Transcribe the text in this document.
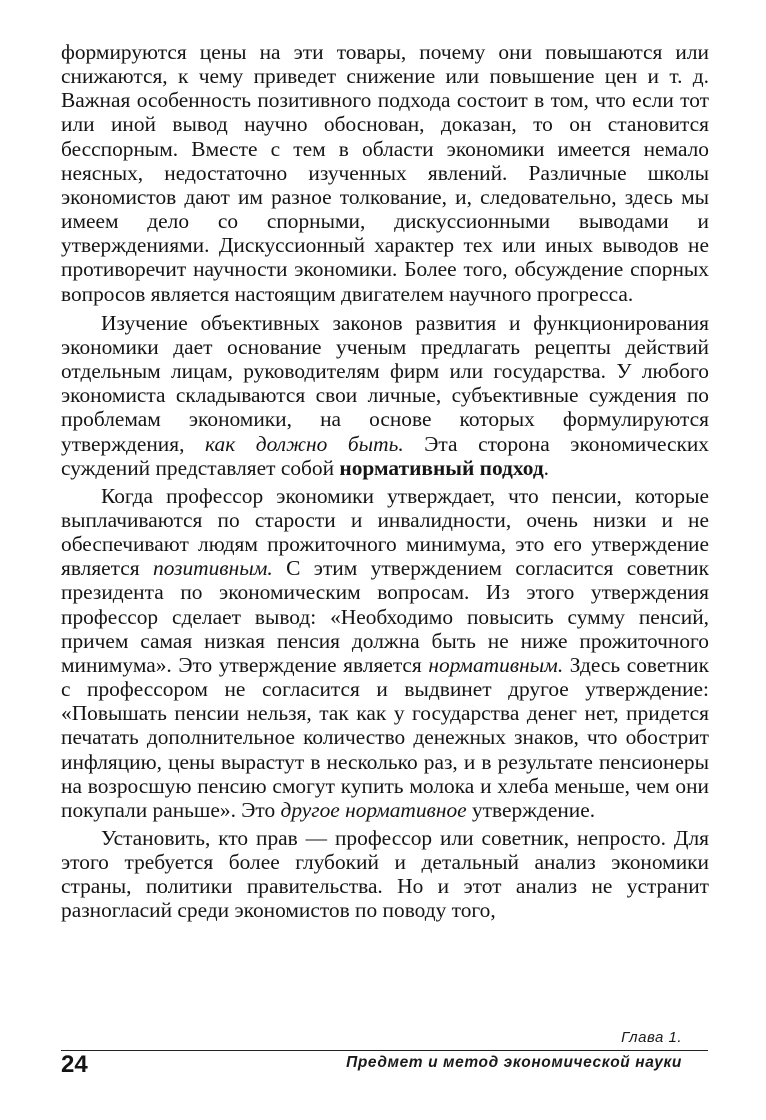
формируются цены на эти товары, почему они повышаются или снижаются, к чему приведет снижение или повышение цен и т. д. Важная особенность позитивного подхода состоит в том, что если тот или иной вывод научно обоснован, доказан, то он становится бесспорным. Вместе с тем в области экономики имеется немало неясных, недостаточно изученных явлений. Различные школы экономистов дают им разное толкование, и, следовательно, здесь мы имеем дело со спорными, дискуссионными выводами и утверждениями. Дискуссионный характер тех или иных выводов не противоречит научности экономики. Более того, обсуждение спорных вопросов является настоящим двигателем научного прогресса.

Изучение объективных законов развития и функционирования экономики дает основание ученым предлагать рецепты действий отдельным лицам, руководителям фирм или государства. У любого экономиста складываются свои личные, субъективные суждения по проблемам экономики, на основе которых формулируются утверждения, как должно быть. Эта сторона экономических суждений представляет собой нормативный подход.

Когда профессор экономики утверждает, что пенсии, которые выплачиваются по старости и инвалидности, очень низки и не обеспечивают людям прожиточного минимума, это его утверждение является позитивным. С этим утверждением согласится советник президента по экономическим вопросам. Из этого утверждения профессор сделает вывод: «Необходимо повысить сумму пенсий, причем самая низкая пенсия должна быть не ниже прожиточного минимума». Это утверждение является нормативным. Здесь советник с профессором не согласится и выдвинет другое утверждение: «Повышать пенсии нельзя, так как у государства денег нет, придется печатать дополнительное количество денежных знаков, что обострит инфляцию, цены вырастут в несколько раз, и в результате пенсионеры на возросшую пенсию смогут купить молока и хлеба меньше, чем они покупали раньше». Это другое нормативное утверждение.

Установить, кто прав — профессор или советник, непросто. Для этого требуется более глубокий и детальный анализ экономики страны, политики правительства. Но и этот анализ не устранит разногласий среди экономистов по поводу того,

Глава 1.
24	Предмет и метод экономической науки
